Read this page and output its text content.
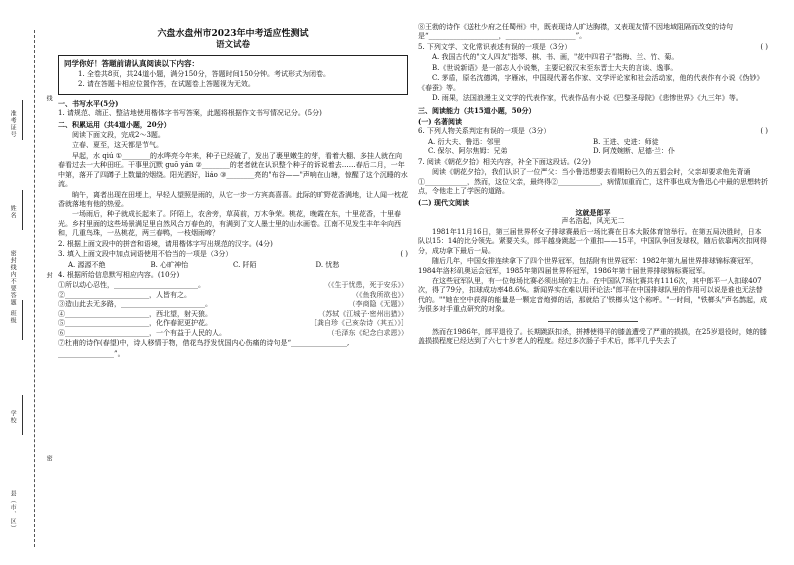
准考证号
姓名
班级
密封线内不要答题
学校
县（市、区）
线
封
密
六盘水盘州市2023年中考适应性测试
语文试卷
同学你好！答题前请认真阅读以下内容：

1. 全卷共8页，共24道小题，满分150分，答题时间150分钟。考试形式为闭卷。

2. 请在答题卡相应位置作答，在试题卷上答题视为无效。

一、书写水平(5分)

1. 请规范、端正、整洁地使用楷体字书写答案，此题将根据作文书写情况记分。(5分)

二、积累运用（共4道小题，20分）

阅读下面文段，完成2～3题。

立春、夏至，这天都是节气。

早起，水 qiú ①________的水哗亮今年来，种子已经破了，发出了裹里嫩生的芽，看着大棚、多挂人就在向春看过去一大种田旺。干事里沉默 guō yán ②________的老者就在认识整个种子的诉说着去……春后二月，一年中第，落开了四蹲子上数量的烟绕。阳光洒好，liáo ③________亮的"布谷——"声响在山塘，惊醒了这个沉睡的水流。

晌午，离者出现在田埂上，早轻人望照是雨的，从它一步一方宾高喜喜。此际的旷野花香满地，让人闻一枕花香就落地有他的热爱。

一场雨后，种子就成长起来了。阡陌上，农舍旁，草莴前，万木争荣。桃花，晚霞在东，十里花香，十里春光。乡村里面的这些场景满足里自然风合万春色的，有满到了文人墨士里的山水画卷。江南不见发生丰年伞向西和，几重鸟珠，一丛桃花，两三春鸭，一枝烟雨啼？

2. 根据上面文段中的拼音和语境，请用楷体字写出规范的汉字。(4分)

3. 填入上面文段中加点词语使用不恰当的一项是（3分）	( )

A. 源源不绝	B. 心旷神怡	C. 阡陌	D. 忧愁

4. 根据所给信息默写相应内容。(10分)

①所以动心忍性，________________________。	（《生于忧患，死于安乐》）
②________________________，人皆有之。	（《鱼我所欲也》）
③造山此去无多路，________________________。	（李商隐《无题》）
④________________________，西北望，射天狼。	（苏轼《江城子·密州出猎》）
⑤________________________，化作春泥更护花。	［龚自珍《己亥杂诗（其五）》］
⑥________________________，一个有益于人民的人。	（毛泽东《纪念白求恩》）

⑦杜甫的诗作(春望)中，诗人移情于物，借花鸟抒发忧国内心伤痛的诗句是“________________,

________________”。

⑧王勃的诗作《送杜少府之任蜀州》中，既表现诗人旷达胸襟，又表现友情不因地域阻隔而改变的诗句是“____________________，____________________”。

5. 下列文学、文化常识表述有误的一项是（3分）	( )

A. 我国古代的"文人四友"指琴、棋、书、画，"花中四君子"指梅、兰、竹、菊。

B.《世说新语》是一部志人小说集，主要记叙汉末至东晋士大夫的言谈、逸事。

C. 茅盾，原名沈德鸿，字雁冰，中国现代著名作家、文学评论家和社会活动家，他的代表作有小说《伪钞》《春蚕》等。

D. 雨果，法国浪漫主义文学的代表作家，代表作品有小说《巴黎圣母院》《悲惨世界》《九三年》等。

三、阅读能力（共15道小题，50分）
(一) 名著阅读

6. 下列人物关系判定有误的一项是（3分）	( )

A. 衍大夫、鲁迅：邻里	B. 王进、史进：师徒
C. 保尔、阿尔焦姆：兄弟	D. 阿茂婉断、尼德·兰：仆

7. 阅读《朝花夕拾》相关内容，补全下面这段话。(2分)

阅读《朝花夕拾》，我们认识了一位严父：当小鲁迅想要去看期盼已久的五猖会时，父亲却要求他先背诵①____________，然而，这位父亲，最终得②____________，病情加重而亡，这件事也成为鲁迅心中最的思想转折点，令他走上了学医的道路。

(二) 现代文阅读
这就是郎平
声名浩起，风光无二

1981年11月16日，第三届世界杯女子排球赛最后一场比赛在日本大阪体育馆举行。在第五局决胜时，日本队以15：14的比分领先。紧要关头，郎平越身跳起一个重扣——15平，中国队争回发球权，随后依靠两次扣网得分，成功拿下最后一局。

随后几年，中国女排连续拿下了四个世界冠军，包括附有世界冠军：1982年第九届世界排球锦标赛冠军，1984年洛杉矶奥运会冠军，1985年第四届世界杯冠军，1986年第十届世界排球锦标赛冠军。

在这些冠军队里，有一位每场比赛必须出场的主力。在中国队7场比赛共有1116次，其中郎平一人扣球407次，得了79分，扣球成功率48.6%。新闻界实在难以用评论法:"郎平在中国排球队里的作用可以说是谁也无法替代的。""她在空中获得的能量是一颗定音炮弹的话，那就给了'铁榔头'这个称呼。"一时间，"铁榔头"声名鹊起，成为很多对手重点研究的对象。

然而在1986年，郎平退役了。长期跳跃扣杀，拼搏使得平的膝盖遭受了严重的损损，在25岁退役时，她的膝盖损损程度已经达到了六七十岁老人的程度。经过多次肠子手术后，郎平几乎失去了
